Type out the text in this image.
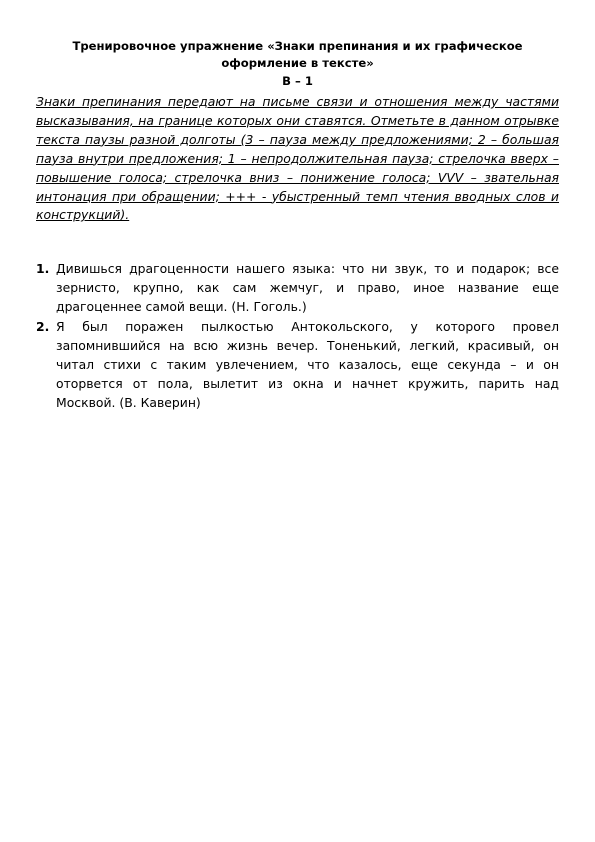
Тренировочное упражнение «Знаки препинания и их графическое оформление в тексте»
В – 1
Знаки препинания передают на письме связи и отношения между частями высказывания, на границе которых они ставятся. Отметьте в данном отрывке текста паузы разной долготы (3 – пауза между предложениями; 2 – большая пауза внутри предложения; 1 – непродолжительная пауза; стрелочка вверх – повышение голоса; стрелочка вниз – понижение голоса; VVV – звательная интонация при обращении; +++ - убыстренный темп чтения вводных слов и конструкций).
1. Дивишься драгоценности нашего языка: что ни звук, то и подарок; все зернисто, крупно, как сам жемчуг, и право, иное название еще драгоценнее самой вещи. (Н. Гоголь.)
2. Я был поражен пылкостью Антокольского, у которого провел запомнившийся на всю жизнь вечер. Тоненький, легкий, красивый, он читал стихи с таким увлечением, что казалось, еще секунда – и он оторвется от пола, вылетит из окна и начнет кружить, парить над Москвой. (В. Каверин)
